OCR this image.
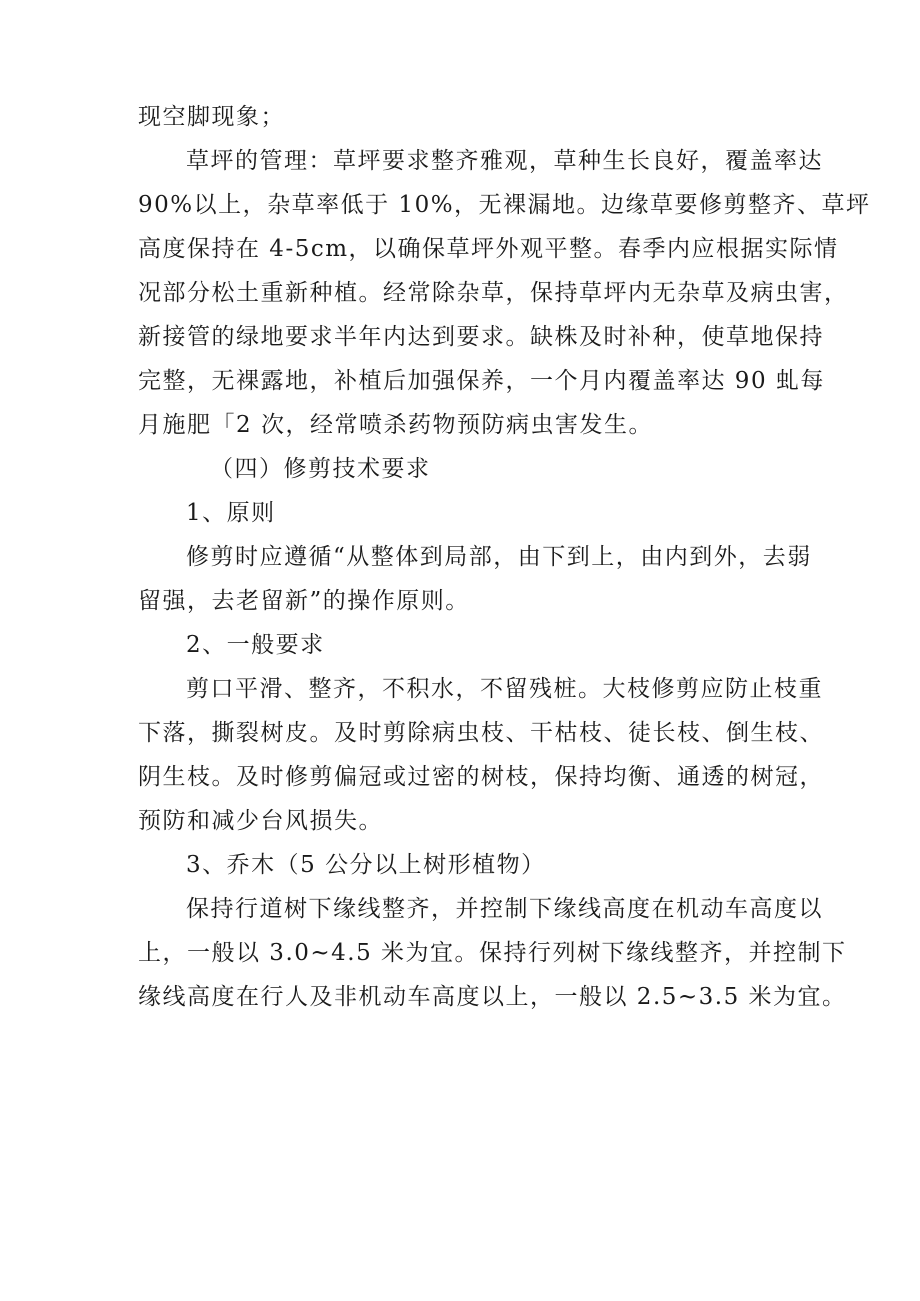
现空脚现象；

草坪的管理：草坪要求整齐雅观，草种生长良好，覆盖率达

90%以上，杂草率低于 10%，无裸漏地。边缘草要修剪整齐、草坪

高度保持在 4-5cm，以确保草坪外观平整。春季内应根据实际情

况部分松土重新种植。经常除杂草，保持草坪内无杂草及病虫害，

新接管的绿地要求半年内达到要求。缺株及时补种，使草地保持

完整，无裸露地，补植后加强保养，一个月内覆盖率达 90 虬每

月施肥「2 次，经常喷杀药物预防病虫害发生。

（四）修剪技术要求

1、原则

修剪时应遵循“从整体到局部，由下到上，由内到外，去弱

留强，去老留新”的操作原则。

2、一般要求

剪口平滑、整齐，不积水，不留残桩。大枝修剪应防止枝重

下落，撕裂树皮。及时剪除病虫枝、干枯枝、徒长枝、倒生枝、

阴生枝。及时修剪偏冠或过密的树枝，保持均衡、通透的树冠，

预防和减少台风损失。

3、乔木（5 公分以上树形植物）

保持行道树下缘线整齐，并控制下缘线高度在机动车高度以

上，一般以 3.0~4.5 米为宜。保持行列树下缘线整齐，并控制下

缘线高度在行人及非机动车高度以上，一般以 2.5~3.5 米为宜。
